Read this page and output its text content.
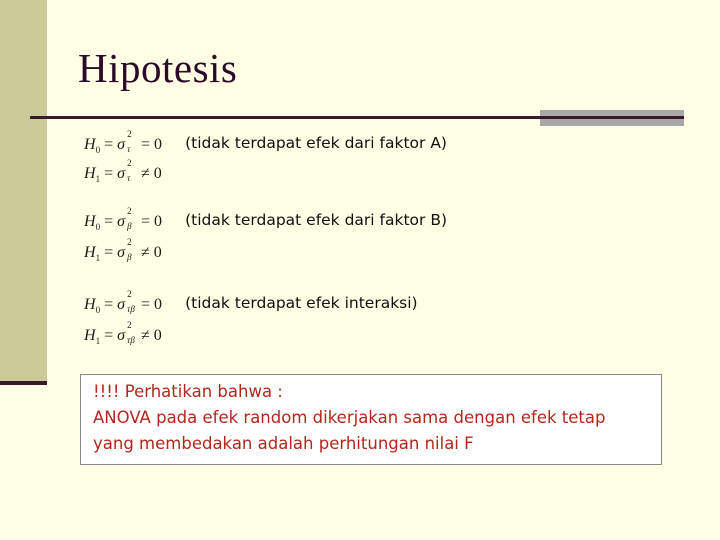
Hipotesis
$H_0 = \sigma$
2
τ = 0 (tidak terdapat efek dari faktor A)
$H_1 = \sigma$
2
τ ≠ 0
$H_0 = \sigma$
2
β = 0 (tidak terdapat efek dari faktor B)
$H_1 = \sigma$
2
β ≠ 0
$H_0 = \sigma$
2
τβ = 0 (tidak terdapat efek interaksi)
$H_1 = \sigma$
2
τβ ≠ 0
!!!! Perhatikan bahwa :
ANOVA pada efek random dikerjakan sama dengan efek tetap
yang membedakan adalah perhitungan nilai F
